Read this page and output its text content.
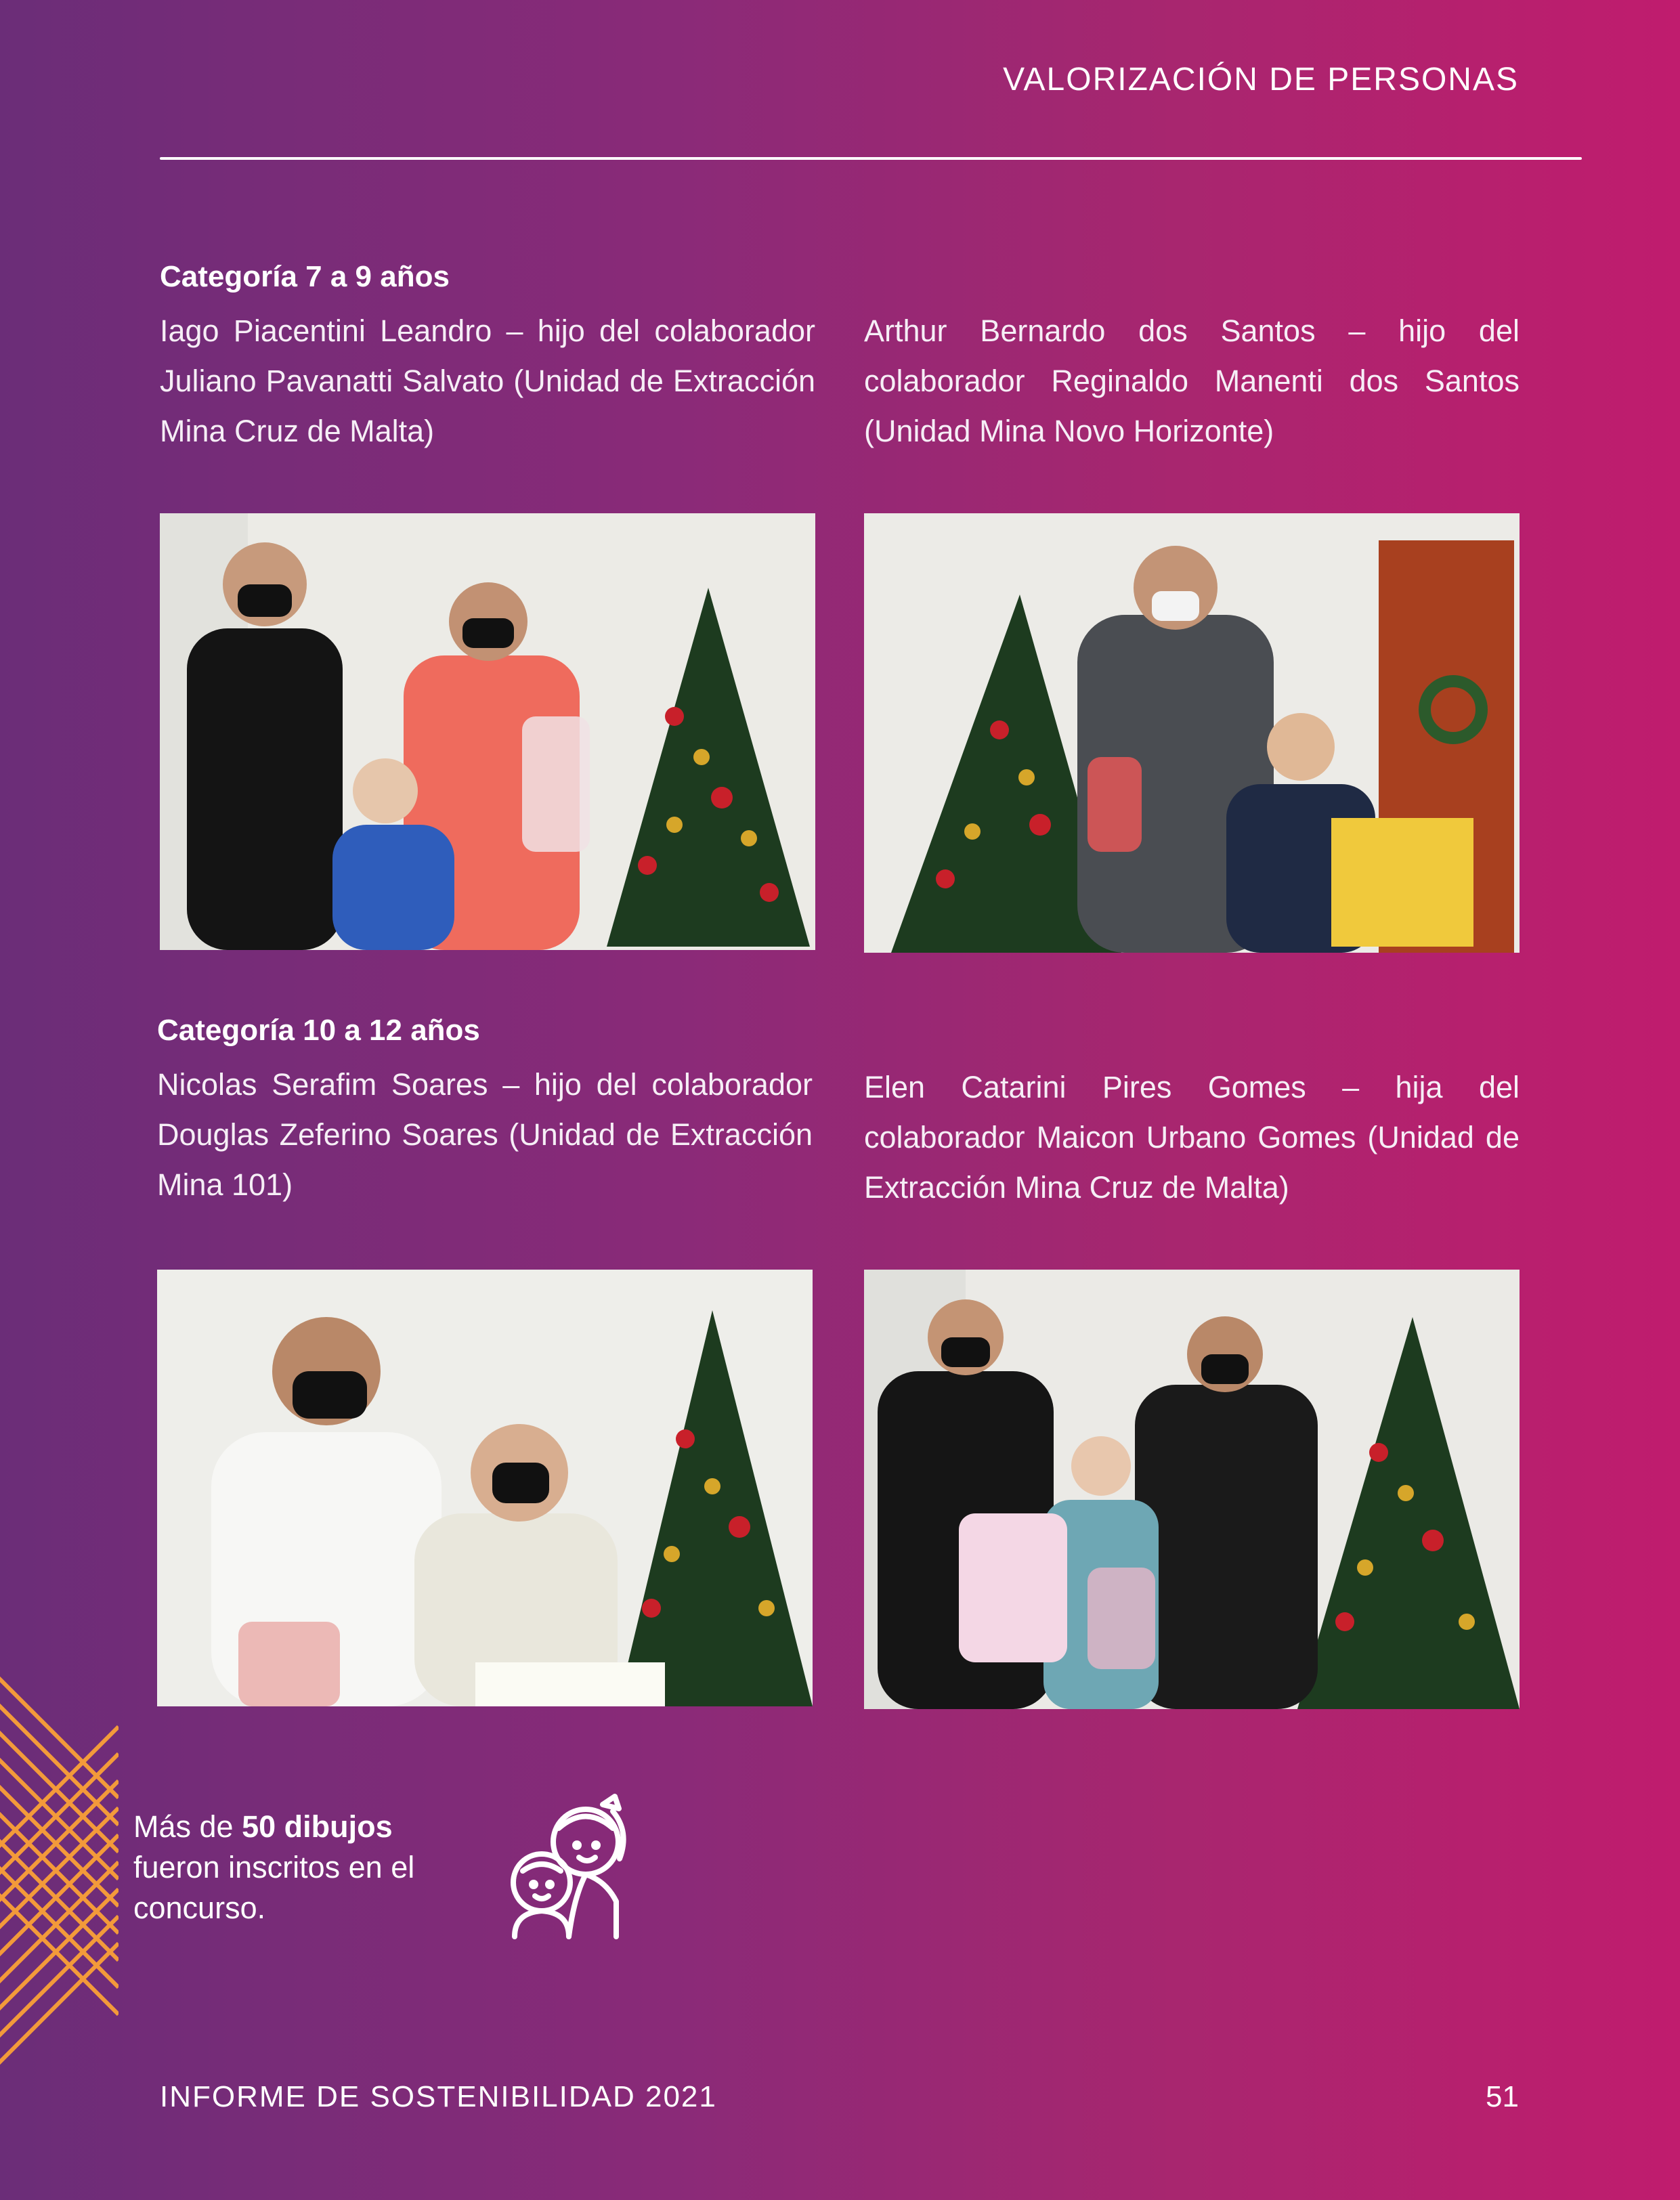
VALORIZACIÓN DE PERSONAS
Categoría 7 a 9 años
Iago Piacentini Leandro – hijo del colaborador Juliano Pavanatti Salvato (Unidad de Extracción Mina Cruz de Malta)
Arthur Bernardo dos Santos – hijo del colaborador Reginaldo Manenti dos Santos (Unidad Mina Novo Horizonte)
Categoría 10 a 12 años
Nicolas Serafim Soares – hijo del colaborador Douglas Zeferino Soares (Unidad de Extracción Mina 101)
Elen Catarini Pires Gomes – hija del colaborador Maicon Urbano Gomes (Unidad de Extracción Mina Cruz de Malta)
Más de 50 dibujos
fueron inscritos en el concurso.
INFORME DE SOSTENIBILIDAD 2021	51
